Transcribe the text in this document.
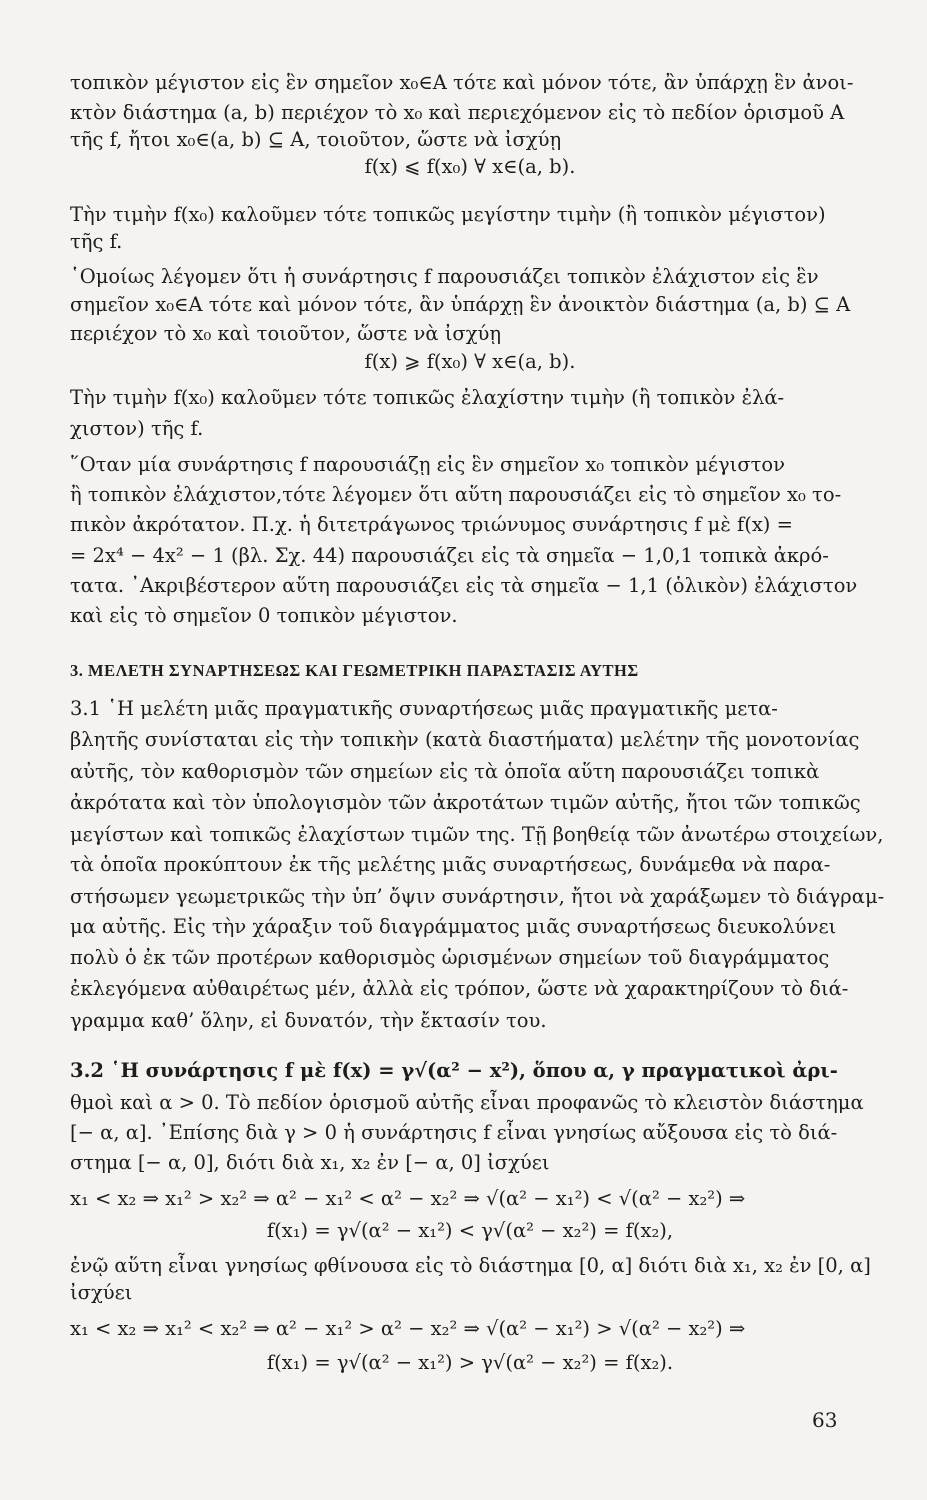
τοπικὸν μέγιστον εἰς ἓν σημεῖον x₀∈A τότε καὶ μόνον τότε, ἂν ὑπάρχῃ ἓν ἀνοι-
κτὸν διάστημα (a, b) περιέχον τὸ x₀ καὶ περιεχόμενον εἰς τὸ πεδίον ὁρισμοῦ A
τῆς f, ἤτοι x₀∈(a, b) ⊆ A, τοιοῦτον, ὥστε νὰ ἰσχύῃ
f(x) ⩽ f(x₀) ∀ x∈(a, b).
Τὴν τιμὴν f(x₀) καλοῦμεν τότε τοπικῶς μεγίστην τιμὴν (ἢ τοπικὸν μέγιστον)
τῆς f.
῾Ομοίως λέγομεν ὅτι ἡ συνάρτησις f παρουσιάζει τοπικὸν ἐλάχιστον εἰς ἓν
σημεῖον x₀∈A τότε καὶ μόνον τότε, ἂν ὑπάρχῃ ἓν ἀνοικτὸν διάστημα (a, b) ⊆ A
περιέχον τὸ x₀ καὶ τοιοῦτον, ὥστε νὰ ἰσχύῃ
f(x) ⩾ f(x₀) ∀ x∈(a, b).
Τὴν τιμὴν f(x₀) καλοῦμεν τότε τοπικῶς ἐλαχίστην τιμὴν (ἢ τοπικὸν ἐλά-
χιστον) τῆς f.
῞Οταν μία συνάρτησις f παρουσιάζῃ εἰς ἓν σημεῖον x₀ τοπικὸν μέγιστον
ἢ τοπικὸν ἐλάχιστον,τότε λέγομεν ὅτι αὕτη παρουσιάζει εἰς τὸ σημεῖον x₀ το-
πικὸν ἀκρότατον. Π.χ. ἡ διτετράγωνος τριώνυμος συνάρτησις f μὲ f(x) =
= 2x⁴ − 4x² − 1 (βλ. Σχ. 44) παρουσιάζει εἰς τὰ σημεῖα − 1,0,1 τοπικὰ ἀκρό-
τατα. ᾿Ακριβέστερον αὕτη παρουσιάζει εἰς τὰ σημεῖα − 1,1 (ὁλικὸν) ἐλάχιστον
καὶ εἰς τὸ σημεῖον 0 τοπικὸν μέγιστον.
3. ΜΕΛΕΤΗ ΣΥΝΑΡΤΗΣΕΩΣ ΚΑΙ ΓΕΩΜΕΤΡΙΚΗ ΠΑΡΑΣΤΑΣΙΣ ΑΥΤΗΣ
3.1 ῾Η μελέτη μιᾶς πραγματικῆς συναρτήσεως μιᾶς πραγματικῆς μετα-
βλητῆς συνίσταται εἰς τὴν τοπικὴν (κατὰ διαστήματα) μελέτην τῆς μονοτονίας
αὐτῆς, τὸν καθορισμὸν τῶν σημείων εἰς τὰ ὁποῖα αὕτη παρουσιάζει τοπικὰ
ἀκρότατα καὶ τὸν ὑπολογισμὸν τῶν ἀκροτάτων τιμῶν αὐτῆς, ἤτοι τῶν τοπικῶς
μεγίστων καὶ τοπικῶς ἐλαχίστων τιμῶν της. Τῇ βοηθείᾳ τῶν ἀνωτέρω στοιχείων,
τὰ ὁποῖα προκύπτουν ἐκ τῆς μελέτης μιᾶς συναρτήσεως, δυνάμεθα νὰ παρα-
στήσωμεν γεωμετρικῶς τὴν ὑπ’ ὄψιν συνάρτησιν, ἤτοι νὰ χαράξωμεν τὸ διάγραμ-
μα αὐτῆς. Εἰς τὴν χάραξιν τοῦ διαγράμματος μιᾶς συναρτήσεως διευκολύνει
πολὺ ὁ ἐκ τῶν προτέρων καθορισμὸς ὡρισμένων σημείων τοῦ διαγράμματος
ἐκλεγόμενα αὐθαιρέτως μέν, ἀλλὰ εἰς τρόπον, ὥστε νὰ χαρακτηρίζουν τὸ διά-
γραμμα καθ’ ὅλην, εἰ δυνατόν, τὴν ἔκτασίν του.
3.2 ῾Η συνάρτησις f μὲ f(x) = γ√(α² − x²), ὅπου α, γ πραγματικοὶ ἀρι-
θμοὶ καὶ α > 0. Τὸ πεδίον ὁρισμοῦ αὐτῆς εἶναι προφανῶς τὸ κλειστὸν διάστημα
[− α, α]. ᾿Επίσης διὰ γ > 0 ἡ συνάρτησις f εἶναι γνησίως αὔξουσα εἰς τὸ διά-
στημα [− α, 0], διότι διὰ x₁, x₂ ἐν [− α, 0] ἰσχύει
x₁ < x₂ ⇒ x₁² > x₂² ⇒ α² − x₁² < α² − x₂² ⇒ √(α² − x₁²) < √(α² − x₂²) ⇒
f(x₁) = γ√(α² − x₁²) < γ√(α² − x₂²) = f(x₂),
ἐνῷ αὕτη εἶναι γνησίως φθίνουσα εἰς τὸ διάστημα [0, α] διότι διὰ x₁, x₂ ἐν [0, α]
ἰσχύει
x₁ < x₂ ⇒ x₁² < x₂² ⇒ α² − x₁² > α² − x₂² ⇒ √(α² − x₁²) > √(α² − x₂²) ⇒
f(x₁) = γ√(α² − x₁²) > γ√(α² − x₂²) = f(x₂).
63
